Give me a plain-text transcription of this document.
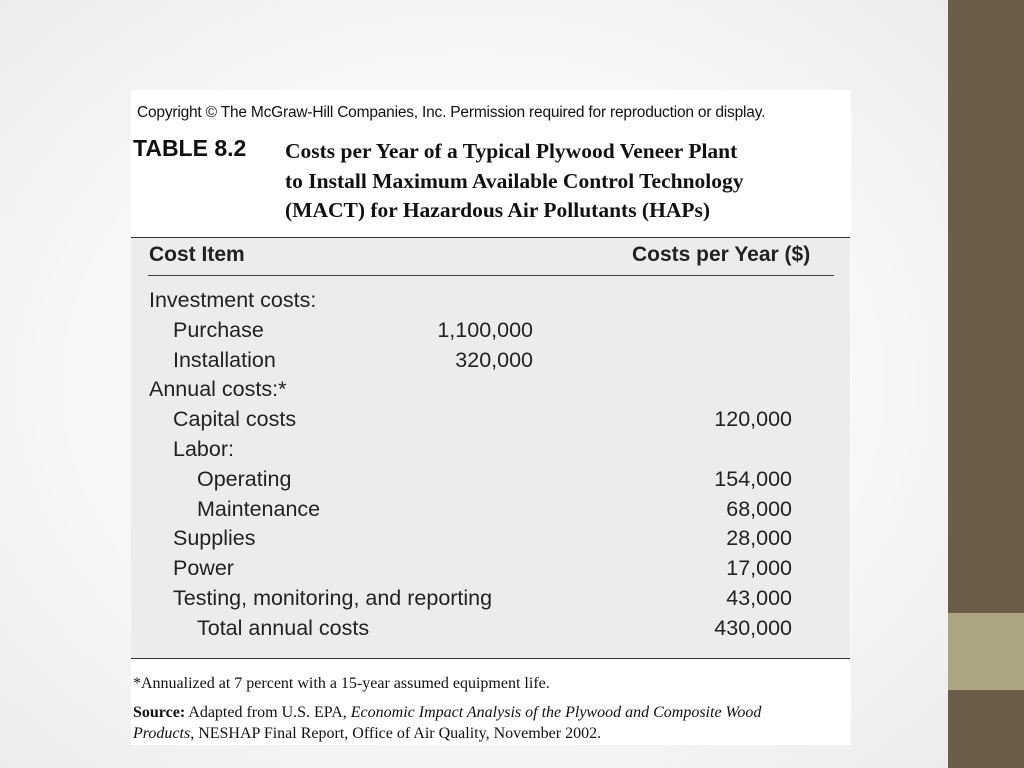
Copyright © The McGraw-Hill Companies, Inc. Permission required for reproduction or display.
TABLE 8.2 Costs per Year of a Typical Plywood Veneer Plant
to Install Maximum Available Control Technology
(MACT) for Hazardous Air Pollutants (HAPs)
Cost Item	Costs per Year ($)
Investment costs:
Purchase	1,100,000
Installation	320,000
Annual costs:*
Capital costs	120,000
Labor:
Operating	154,000
Maintenance	68,000
Supplies	28,000
Power	17,000
Testing, monitoring, and reporting	43,000
Total annual costs	430,000
*Annualized at 7 percent with a 15-year assumed equipment life.
Source: Adapted from U.S. EPA, Economic Impact Analysis of the Plywood and Composite Wood
Products, NESHAP Final Report, Office of Air Quality, November 2002.
